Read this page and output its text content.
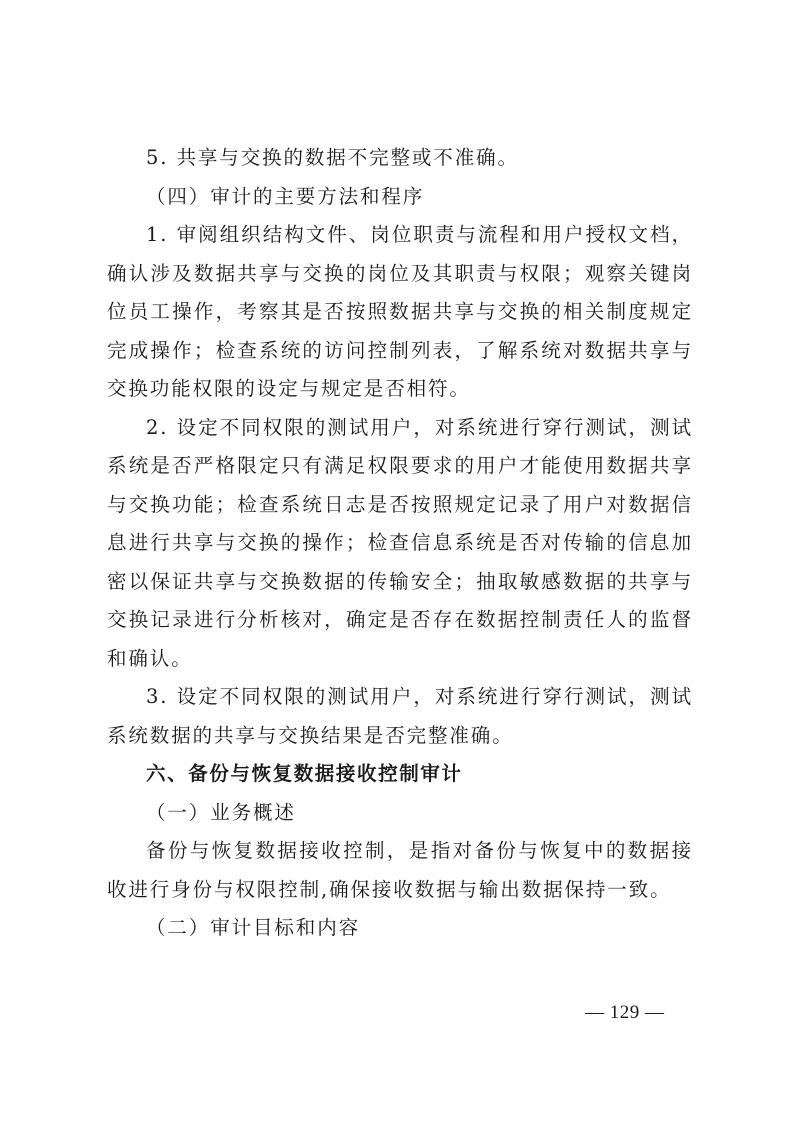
5. 共享与交换的数据不完整或不准确。

（四）审计的主要方法和程序

1. 审阅组织结构文件、岗位职责与流程和用户授权文档，确认涉及数据共享与交换的岗位及其职责与权限；观察关键岗位员工操作，考察其是否按照数据共享与交换的相关制度规定完成操作；检查系统的访问控制列表，了解系统对数据共享与交换功能权限的设定与规定是否相符。

2. 设定不同权限的测试用户，对系统进行穿行测试，测试系统是否严格限定只有满足权限要求的用户才能使用数据共享与交换功能；检查系统日志是否按照规定记录了用户对数据信息进行共享与交换的操作；检查信息系统是否对传输的信息加密以保证共享与交换数据的传输安全；抽取敏感数据的共享与交换记录进行分析核对，确定是否存在数据控制责任人的监督和确认。

3. 设定不同权限的测试用户，对系统进行穿行测试，测试系统数据的共享与交换结果是否完整准确。

六、备份与恢复数据接收控制审计

（一）业务概述

备份与恢复数据接收控制，是指对备份与恢复中的数据接收进行身份与权限控制,确保接收数据与输出数据保持一致。

（二）审计目标和内容

— 129 —
